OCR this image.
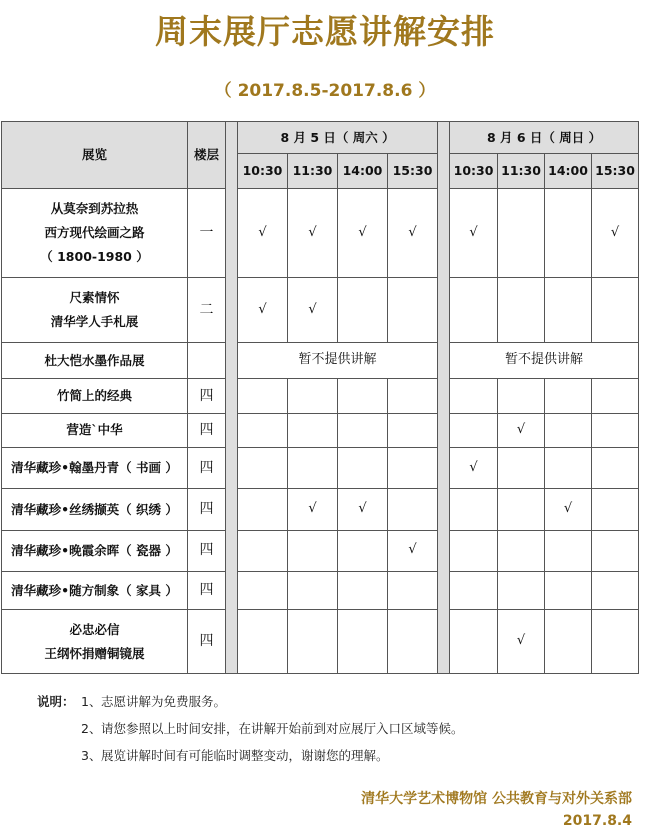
周末展厅志愿讲解安排
（ 2017.8.5-2017.8.6 ）
展览	楼层		8 月 5 日（ 周六 ）					8 月 6 日（ 周日 ）			
			10:30	11:30	14:00	15:30		10:30	11:30	14:00	15:30

从莫奈到苏拉热
西方现代绘画之路
（ 1800-1980 ）	一		√	√	√	√		√			√

尺素情怀
清华学人手札展	二		√	√							

杜大恺水墨作品展			暂不提供讲解					暂不提供讲解			

竹简上的经典	四										

营造`中华	四								√		

清华藏珍•翰墨丹青（ 书画 ）	四							√			

清华藏珍•丝绣撷英（ 织绣 ）	四			√	√					√	

清华藏珍•晚霞余晖（ 瓷器 ）	四					√					

清华藏珍•随方制象（ 家具 ）	四										

必忠必信
王纲怀捐赠铜镜展	四								√		
说明： 1、志愿讲解为免费服务。
2、请您参照以上时间安排，在讲解开始前到对应展厅入口区域等候。
3、展览讲解时间有可能临时调整变动，谢谢您的理解。
清华大学艺术博物馆 公共教育与对外关系部
2017.8.4
